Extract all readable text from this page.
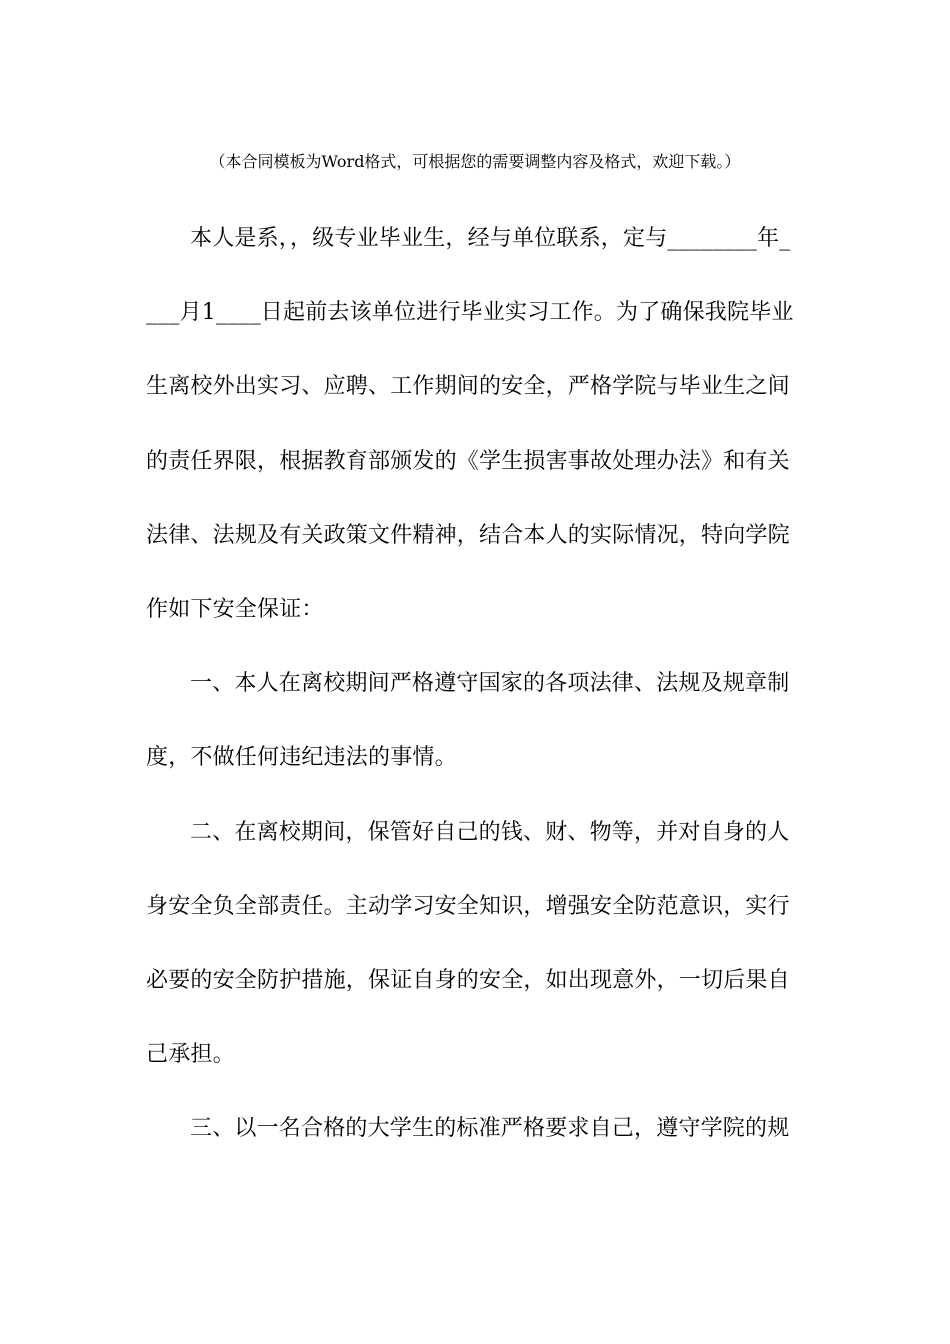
（本合同模板为Word格式，可根据您的需要调整内容及格式，欢迎下载。）
本人是系，，级专业毕业生，经与单位联系，定与________年_
___月1____日起前去该单位进行毕业实习工作。为了确保我院毕业
生离校外出实习、应聘、工作期间的安全，严格学院与毕业生之间
的责任界限，根据教育部颁发的《学生损害事故处理办法》和有关
法律、法规及有关政策文件精神，结合本人的实际情况，特向学院
作如下安全保证：
一、本人在离校期间严格遵守国家的各项法律、法规及规章制
度，不做任何违纪违法的事情。
二、在离校期间，保管好自己的钱、财、物等，并对自身的人
身安全负全部责任。主动学习安全知识，增强安全防范意识，实行
必要的安全防护措施，保证自身的安全，如出现意外，一切后果自
己承担。
三、以一名合格的大学生的标准严格要求自己，遵守学院的规
